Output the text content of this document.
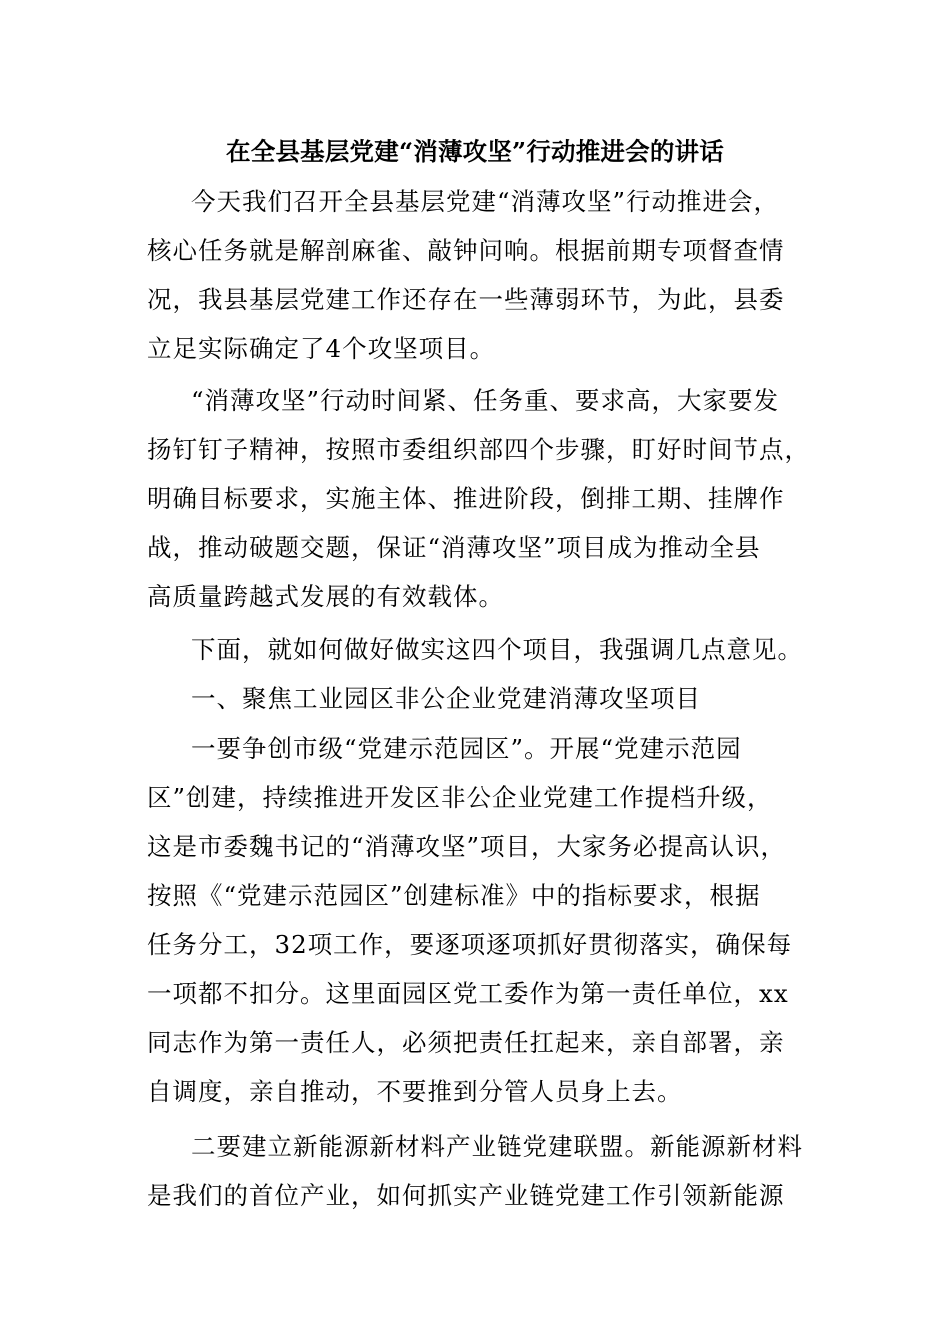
在全县基层党建“消薄攻坚”行动推进会的讲话
今天我们召开全县基层党建“消薄攻坚”行动推进会，
核心任务就是解剖麻雀、敲钟问响。根据前期专项督查情
况，我县基层党建工作还存在一些薄弱环节，为此，县委
立足实际确定了4个攻坚项目。
“消薄攻坚”行动时间紧、任务重、要求高，大家要发
扬钉钉子精神，按照市委组织部四个步骤，盯好时间节点，
明确目标要求，实施主体、推进阶段，倒排工期、挂牌作
战，推动破题交题，保证“消薄攻坚”项目成为推动全县
高质量跨越式发展的有效载体。
下面，就如何做好做实这四个项目，我强调几点意见。
一、聚焦工业园区非公企业党建消薄攻坚项目
一要争创市级“党建示范园区”。开展“党建示范园
区”创建，持续推进开发区非公企业党建工作提档升级，
这是市委魏书记的“消薄攻坚”项目，大家务必提高认识，
按照《“党建示范园区”创建标准》中的指标要求，根据
任务分工，32项工作，要逐项逐项抓好贯彻落实，确保每
一项都不扣分。这里面园区党工委作为第一责任单位，xx
同志作为第一责任人，必须把责任扛起来，亲自部署，亲
自调度，亲自推动，不要推到分管人员身上去。
二要建立新能源新材料产业链党建联盟。新能源新材料
是我们的首位产业，如何抓实产业链党建工作引领新能源
